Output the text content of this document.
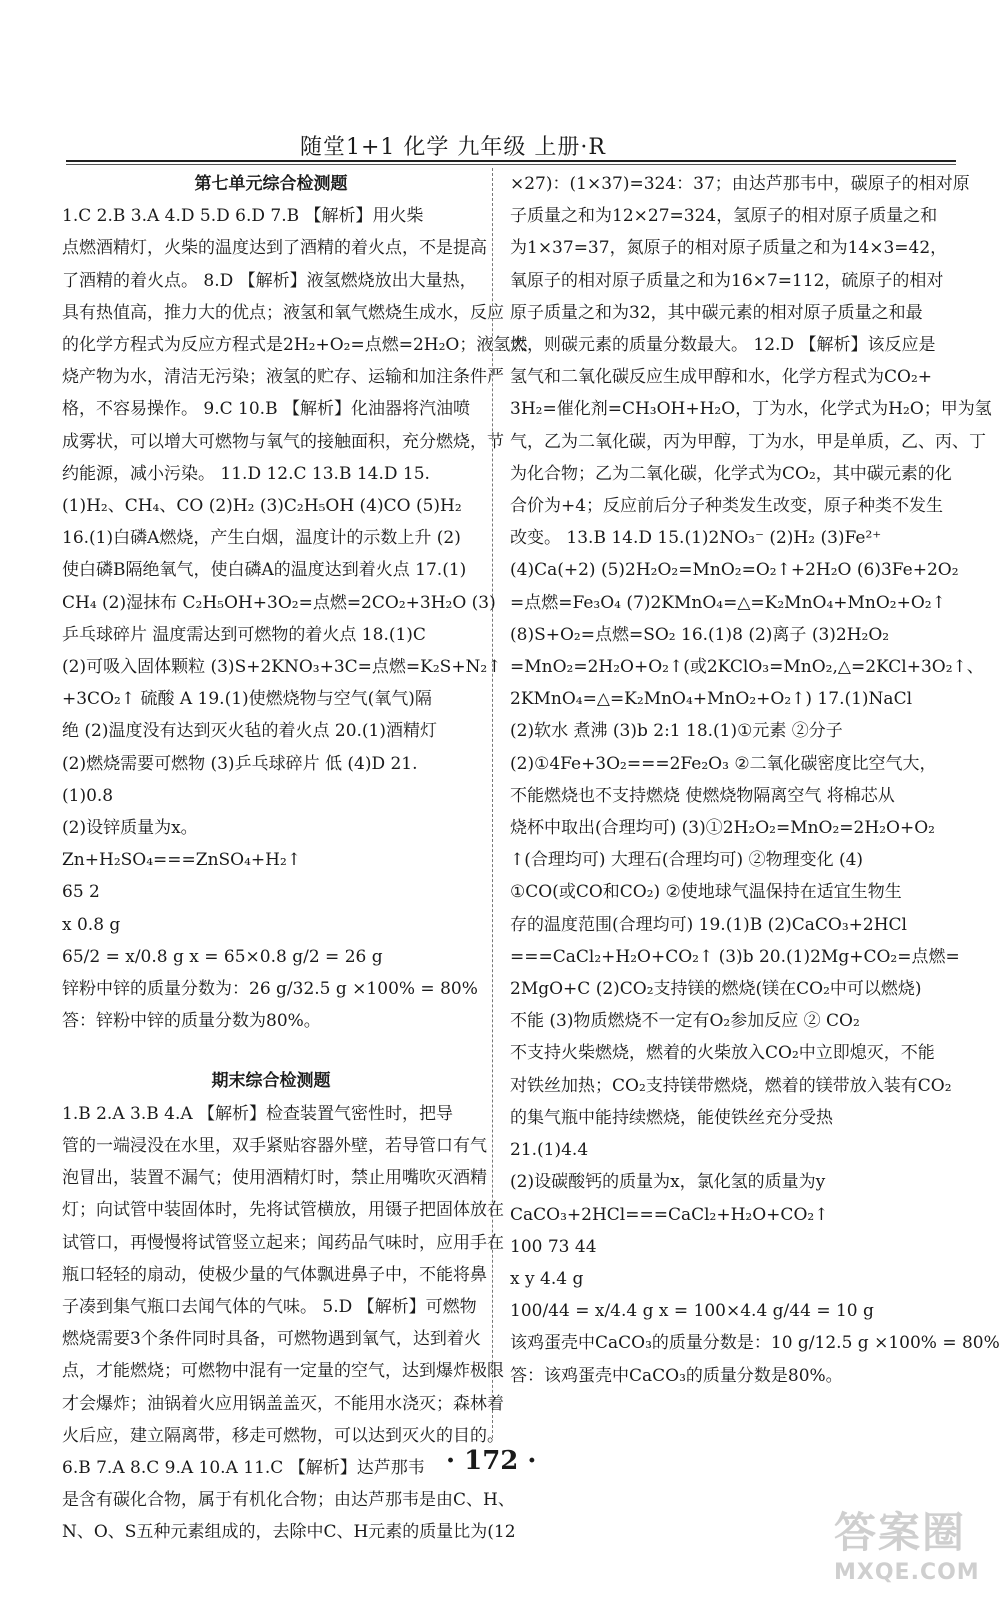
随堂1+1 化学 九年级 上册·R
第七单元综合检测题
1.C 2.B 3.A 4.D 5.D 6.D 7.B 【解析】用火柴
点燃酒精灯，火柴的温度达到了酒精的着火点，不是提高
了酒精的着火点。 8.D 【解析】液氢燃烧放出大量热，
具有热值高，推力大的优点；液氢和氧气燃烧生成水，反应
的化学方程式为反应方程式是2H₂+O₂=点燃=2H₂O；液氢燃
烧产物为水，清洁无污染；液氢的贮存、运输和加注条件严
格，不容易操作。 9.C 10.B 【解析】化油器将汽油喷
成雾状，可以增大可燃物与氧气的接触面积，充分燃烧，节
约能源，减小污染。 11.D 12.C 13.B 14.D 15.
(1)H₂、CH₄、CO (2)H₂ (3)C₂H₅OH (4)CO (5)H₂
16.(1)白磷A燃烧，产生白烟，温度计的示数上升 (2)
使白磷B隔绝氧气，使白磷A的温度达到着火点 17.(1)
CH₄ (2)湿抹布 C₂H₅OH+3O₂=点燃=2CO₂+3H₂O (3)
乒乓球碎片 温度需达到可燃物的着火点 18.(1)C
(2)可吸入固体颗粒 (3)S+2KNO₃+3C=点燃=K₂S+N₂↑
+3CO₂↑ 硫酸 A 19.(1)使燃烧物与空气(氧气)隔
绝 (2)温度没有达到灭火毡的着火点 20.(1)酒精灯
(2)燃烧需要可燃物 (3)乒乓球碎片 低 (4)D 21.
(1)0.8
(2)设锌质量为x。
Zn+H₂SO₄===ZnSO₄+H₂↑
65 2
x 0.8 g
65/2 = x/0.8 g x = 65×0.8 g/2 = 26 g
锌粉中锌的质量分数为：26 g/32.5 g ×100% = 80%
答：锌粉中锌的质量分数为80%。
期末综合检测题
1.B 2.A 3.B 4.A 【解析】检查装置气密性时，把导
管的一端浸没在水里，双手紧贴容器外壁，若导管口有气
泡冒出，装置不漏气；使用酒精灯时，禁止用嘴吹灭酒精
灯；向试管中装固体时，先将试管横放，用镊子把固体放在
试管口，再慢慢将试管竖立起来；闻药品气味时，应用手在
瓶口轻轻的扇动，使极少量的气体飘进鼻子中，不能将鼻
子凑到集气瓶口去闻气体的气味。 5.D 【解析】可燃物
燃烧需要3个条件同时具备，可燃物遇到氧气，达到着火
点，才能燃烧；可燃物中混有一定量的空气，达到爆炸极限
才会爆炸；油锅着火应用锅盖盖灭，不能用水浇灭；森林着
火后应，建立隔离带，移走可燃物，可以达到灭火的目的。
6.B 7.A 8.C 9.A 10.A 11.C 【解析】达芦那韦
是含有碳化合物，属于有机化合物；由达芦那韦是由C、H、
N、O、S五种元素组成的，去除中C、H元素的质量比为(12
×27)：(1×37)=324：37；由达芦那韦中，碳原子的相对原
子质量之和为12×27=324，氢原子的相对原子质量之和
为1×37=37，氮原子的相对原子质量之和为14×3=42，
氧原子的相对原子质量之和为16×7=112，硫原子的相对
原子质量之和为32，其中碳元素的相对原子质量之和最
大，则碳元素的质量分数最大。 12.D 【解析】该反应是
氢气和二氧化碳反应生成甲醇和水，化学方程式为CO₂+
3H₂=催化剂=CH₃OH+H₂O，丁为水，化学式为H₂O；甲为氢
气，乙为二氧化碳，丙为甲醇，丁为水，甲是单质，乙、丙、丁
为化合物；乙为二氧化碳，化学式为CO₂，其中碳元素的化
合价为+4；反应前后分子种类发生改变，原子种类不发生
改变。 13.B 14.D 15.(1)2NO₃⁻ (2)H₂ (3)Fe²⁺
(4)Ca(+2) (5)2H₂O₂=MnO₂=O₂↑+2H₂O (6)3Fe+2O₂
=点燃=Fe₃O₄ (7)2KMnO₄=△=K₂MnO₄+MnO₂+O₂↑
(8)S+O₂=点燃=SO₂ 16.(1)8 (2)离子 (3)2H₂O₂
=MnO₂=2H₂O+O₂↑(或2KClO₃=MnO₂,△=2KCl+3O₂↑、
2KMnO₄=△=K₂MnO₄+MnO₂+O₂↑) 17.(1)NaCl
(2)软水 煮沸 (3)b 2:1 18.(1)①元素 ②分子
(2)①4Fe+3O₂===2Fe₂O₃ ②二氧化碳密度比空气大，
不能燃烧也不支持燃烧 使燃烧物隔离空气 将棉芯从
烧杯中取出(合理均可) (3)①2H₂O₂=MnO₂=2H₂O+O₂
↑(合理均可) 大理石(合理均可) ②物理变化 (4)
①CO(或CO和CO₂) ②使地球气温保持在适宜生物生
存的温度范围(合理均可) 19.(1)B (2)CaCO₃+2HCl
===CaCl₂+H₂O+CO₂↑ (3)b 20.(1)2Mg+CO₂=点燃=
2MgO+C (2)CO₂支持镁的燃烧(镁在CO₂中可以燃烧)
不能 (3)物质燃烧不一定有O₂参加反应 ② CO₂
不支持火柴燃烧，燃着的火柴放入CO₂中立即熄灭，不能
对铁丝加热；CO₂支持镁带燃烧，燃着的镁带放入装有CO₂
的集气瓶中能持续燃烧，能使铁丝充分受热
21.(1)4.4
(2)设碳酸钙的质量为x，氯化氢的质量为y
CaCO₃+2HCl===CaCl₂+H₂O+CO₂↑
100 73 44
x y 4.4 g
100/44 = x/4.4 g x = 100×4.4 g/44 = 10 g
该鸡蛋壳中CaCO₃的质量分数是：10 g/12.5 g ×100% = 80%
答：该鸡蛋壳中CaCO₃的质量分数是80%。
· 172 ·
答案圈
MXQE.COM
